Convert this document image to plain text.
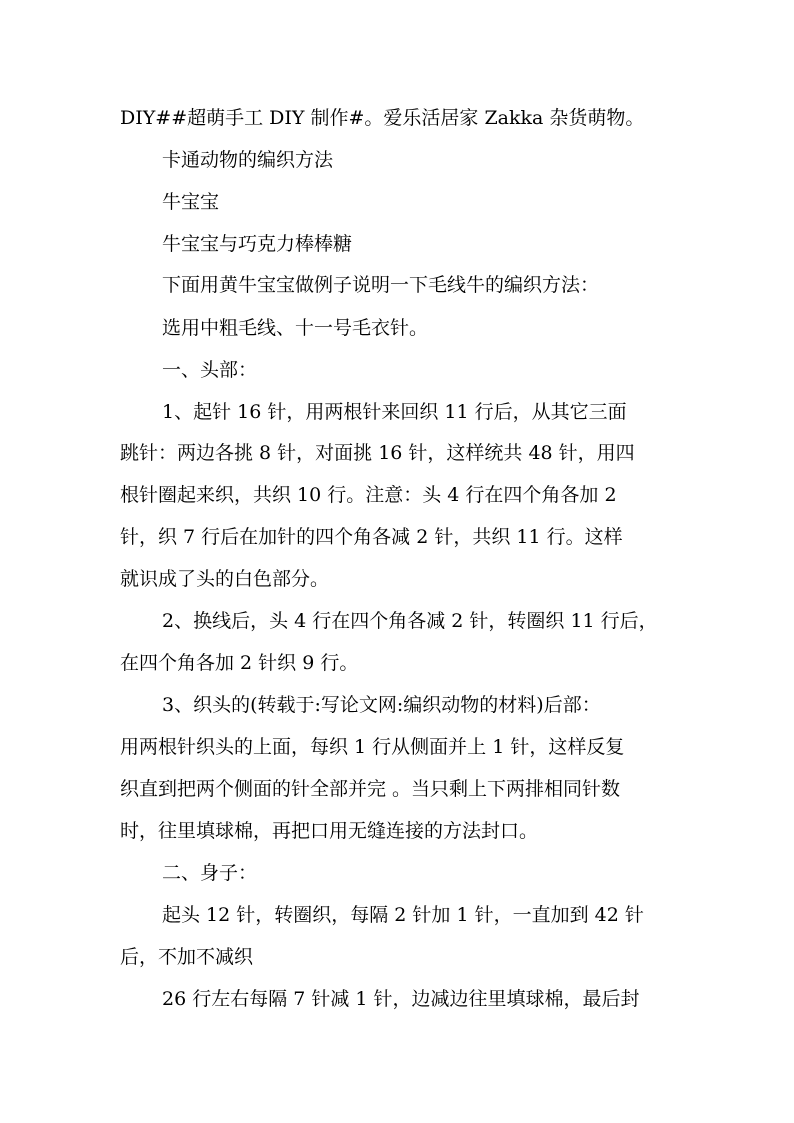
DIY##超萌手工 DIY 制作#。爱乐活居家 Zakka 杂货萌物。
卡通动物的编织方法
牛宝宝
牛宝宝与巧克力棒棒糖
下面用黄牛宝宝做例子说明一下毛线牛的编织方法：
选用中粗毛线、十一号毛衣针。
一、头部：
1、起针 16 针，用两根针来回织 11 行后，从其它三面
跳针：两边各挑 8 针，对面挑 16 针，这样统共 48 针，用四
根针圈起来织，共织 10 行。注意：头 4 行在四个角各加 2
针，织 7 行后在加针的四个角各减 2 针，共织 11 行。这样
就识成了头的白色部分。
2、换线后，头 4 行在四个角各减 2 针，转圈织 11 行后，
在四个角各加 2 针织 9 行。
3、织头的(转载于:写论文网:编织动物的材料)后部：
用两根针织头的上面，每织 1 行从侧面并上 1 针，这样反复
织直到把两个侧面的针全部并完 。当只剩上下两排相同针数
时，往里填球棉，再把口用无缝连接的方法封口。
二、身子：
起头 12 针，转圈织，每隔 2 针加 1 针，一直加到 42 针
后，不加不减织
26 行左右每隔 7 针减 1 针，边减边往里填球棉，最后封
